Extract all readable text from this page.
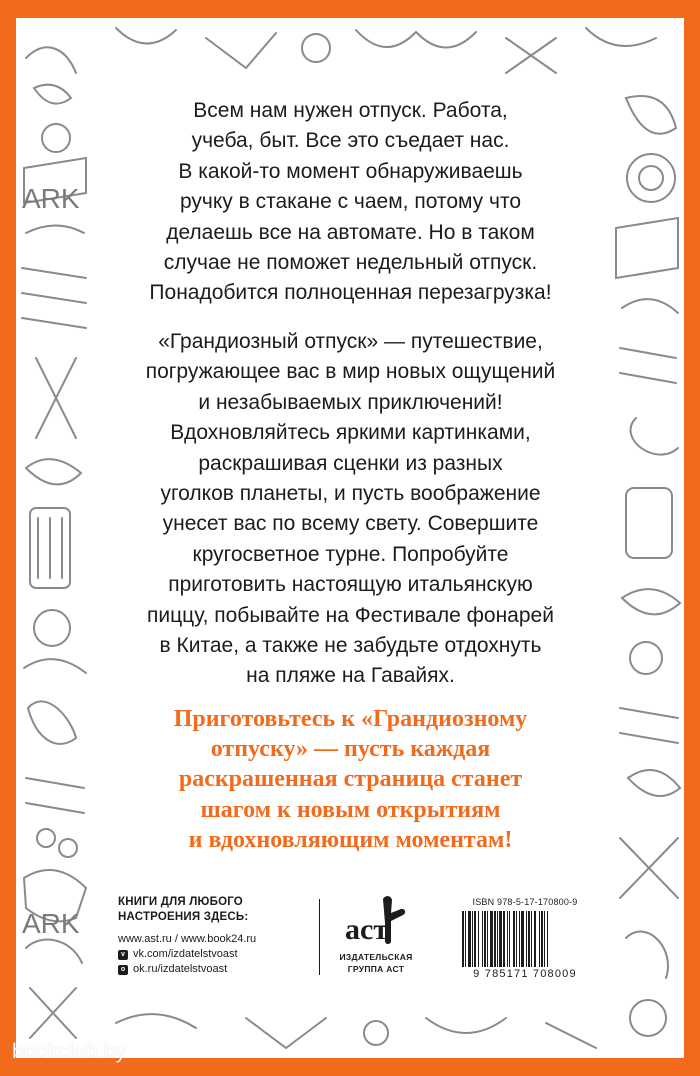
ARK
ARK

Всем нам нужен отпуск. Работа,
учеба, быт. Все это съедает нас.
В какой-то момент обнаруживаешь
ручку в стакане с чаем, потому что
делаешь все на автомате. Но в таком
случае не поможет недельный отпуск.
Понадобится полноценная перезагрузка!

«Грандиозный отпуск» — путешествие,
погружающее вас в мир новых ощущений
и незабываемых приключений!
Вдохновляйтесь яркими картинками,
раскрашивая сценки из разных
уголков планеты, и пусть воображение
унесет вас по всему свету. Совершите
кругосветное турне. Попробуйте
приготовить настоящую итальянскую
пиццу, побывайте на Фестивале фонарей
в Китае, а также не забудьте отдохнуть
на пляже на Гавайях.

Приготовьтесь к «Грандиозному
отпуску» — пусть каждая
раскрашенная страница станет
шагом к новым открытиям
и вдохновляющим моментам!

КНИГИ ДЛЯ ЛЮБОГО
НАСТРОЕНИЯ ЗДЕСЬ:
www.ast.ru / www.book24.ru
v vk.com/izdatelstvoast
o ok.ru/izdatelstvoast
аст
ИЗДАТЕЛЬСКАЯ
ГРУППА АСТ
ISBN 978-5-17-170800-9
9 785171 708009
bookclub.by
